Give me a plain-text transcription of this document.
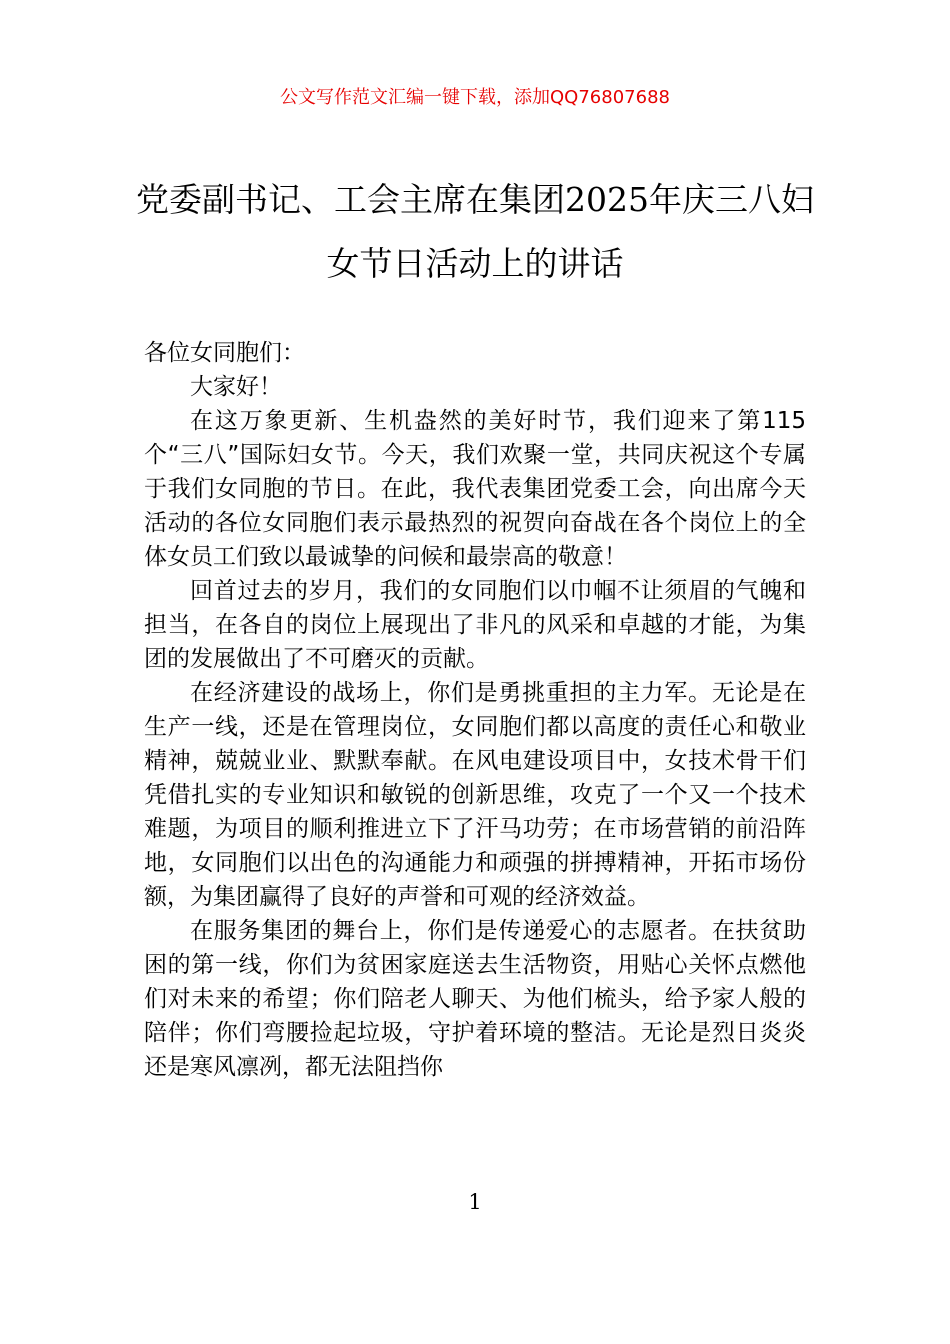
公文写作范文汇编一键下载，添加QQ76807688
党委副书记、工会主席在集团2025年庆三八妇女节日活动上的讲话

各位女同胞们：

大家好！

在这万象更新、生机盎然的美好时节，我们迎来了第115个“三八”国际妇女节。今天，我们欢聚一堂，共同庆祝这个专属于我们女同胞的节日。在此，我代表集团党委工会，向出席今天活动的各位女同胞们表示最热烈的祝贺向奋战在各个岗位上的全体女员工们致以最诚挚的问候和最崇高的敬意！

回首过去的岁月，我们的女同胞们以巾帼不让须眉的气魄和担当，在各自的岗位上展现出了非凡的风采和卓越的才能，为集团的发展做出了不可磨灭的贡献。

在经济建设的战场上，你们是勇挑重担的主力军。无论是在生产一线，还是在管理岗位，女同胞们都以高度的责任心和敬业精神，兢兢业业、默默奉献。在风电建设项目中，女技术骨干们凭借扎实的专业知识和敏锐的创新思维，攻克了一个又一个技术难题，为项目的顺利推进立下了汗马功劳；在市场营销的前沿阵地，女同胞们以出色的沟通能力和顽强的拼搏精神，开拓市场份额，为集团赢得了良好的声誉和可观的经济效益。

在服务集团的舞台上，你们是传递爱心的志愿者。在扶贫助困的第一线，你们为贫困家庭送去生活物资，用贴心关怀点燃他们对未来的希望；你们陪老人聊天、为他们梳头，给予家人般的陪伴；你们弯腰捡起垃圾，守护着环境的整洁。无论是烈日炎炎还是寒风凛冽，都无法阻挡你

1
